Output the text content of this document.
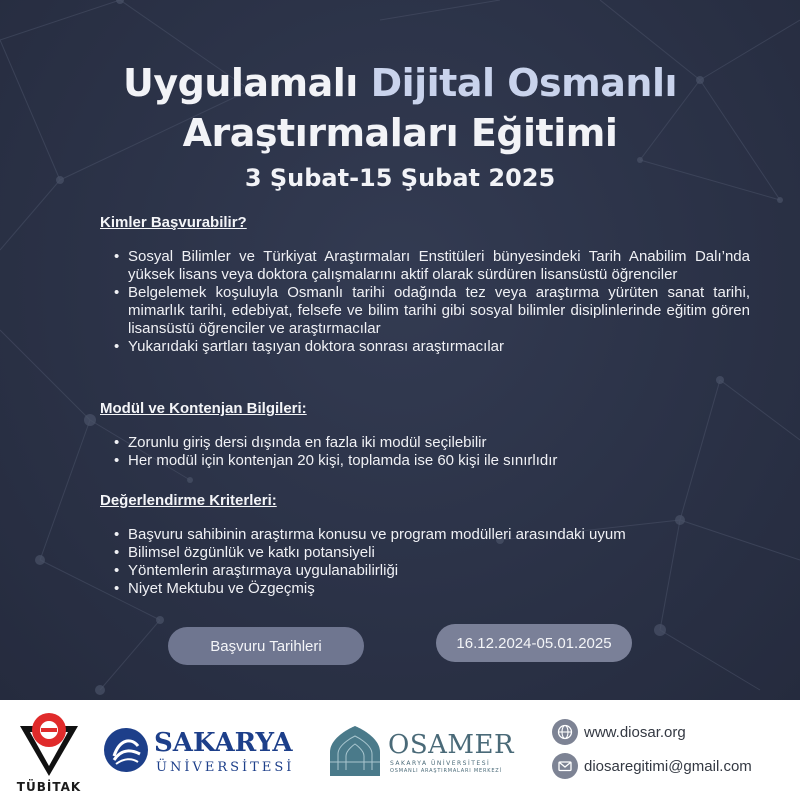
Uygulamalı Dijital Osmanlı
Araştırmaları Eğitimi
3 Şubat-15 Şubat 2025
Kimler Başvurabilir?
• Sosyal Bilimler ve Türkiyat Araştırmaları Enstitüleri bünyesindeki Tarih Anabilim Dalı’nda yüksek lisans veya doktora çalışmalarını aktif olarak sürdüren lisansüstü öğrenciler
• Belgelemek koşuluyla Osmanlı tarihi odağında tez veya araştırma yürüten sanat tarihi, mimarlık tarihi, edebiyat, felsefe ve bilim tarihi gibi sosyal bilimler disiplinlerinde eğitim gören lisansüstü öğrenciler ve araştırmacılar
• Yukarıdaki şartları taşıyan doktora sonrası araştırmacılar
Modül ve Kontenjan Bilgileri:
• Zorunlu giriş dersi dışında en fazla iki modül seçilebilir
• Her modül için kontenjan 20 kişi, toplamda ise 60 kişi ile sınırlıdır
Değerlendirme Kriterleri:
• Başvuru sahibinin araştırma konusu ve program modülleri arasındaki uyum
• Bilimsel özgünlük ve katkı potansiyeli
• Yöntemlerin araştırmaya uygulanabilirliği
• Niyet Mektubu ve Özgeçmiş
Başvuru Tarihleri	16.12.2024-05.01.2025
TÜBİTAK
SAKARYA
ÜNİVERSİTESİ
OSAMER
SAKARYA ÜNİVERSİTESİ
OSMANLI ARAŞTIRMALARI MERKEZİ
www.diosar.org
diosaregitimi@gmail.com
